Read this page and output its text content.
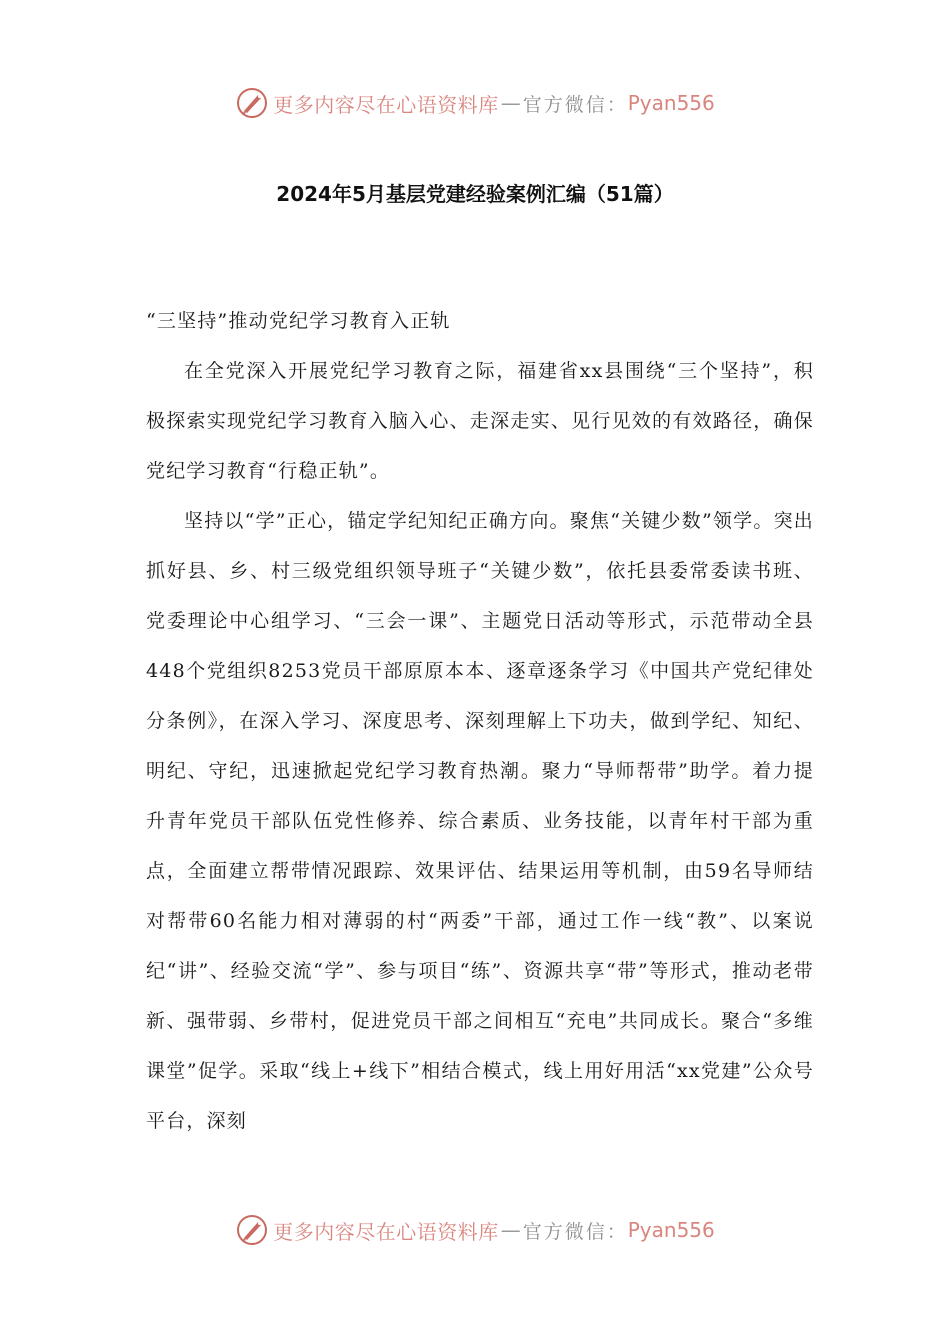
更多内容尽在心语资料库 — 官方微信： Pyan556
2024年5月基层党建经验案例汇编（51篇）

“三坚持”推动党纪学习教育入正轨

在全党深入开展党纪学习教育之际，福建省xx县围绕“三个坚持”，积极探索实现党纪学习教育入脑入心、走深走实、见行见效的有效路径，确保党纪学习教育“行稳正轨”。

坚持以“学”正心，锚定学纪知纪正确方向。聚焦“关键少数”领学。突出抓好县、乡、村三级党组织领导班子“关键少数”，依托县委常委读书班、党委理论中心组学习、“三会一课”、主题党日活动等形式，示范带动全县448个党组织8253党员干部原原本本、逐章逐条学习《中国共产党纪律处分条例》，在深入学习、深度思考、深刻理解上下功夫，做到学纪、知纪、明纪、守纪，迅速掀起党纪学习教育热潮。聚力“导师帮带”助学。着力提升青年党员干部队伍党性修养、综合素质、业务技能，以青年村干部为重点，全面建立帮带情况跟踪、效果评估、结果运用等机制，由59名导师结对帮带60名能力相对薄弱的村“两委”干部，通过工作一线“教”、以案说纪“讲”、经验交流“学”、参与项目“练”、资源共享“带”等形式，推动老带新、强带弱、乡带村，促进党员干部之间相互“充电”共同成长。聚合“多维课堂”促学。采取“线上+线下”相结合模式，线上用好用活“xx党建”公众号平台，深刻

更多内容尽在心语资料库 — 官方微信： Pyan556
